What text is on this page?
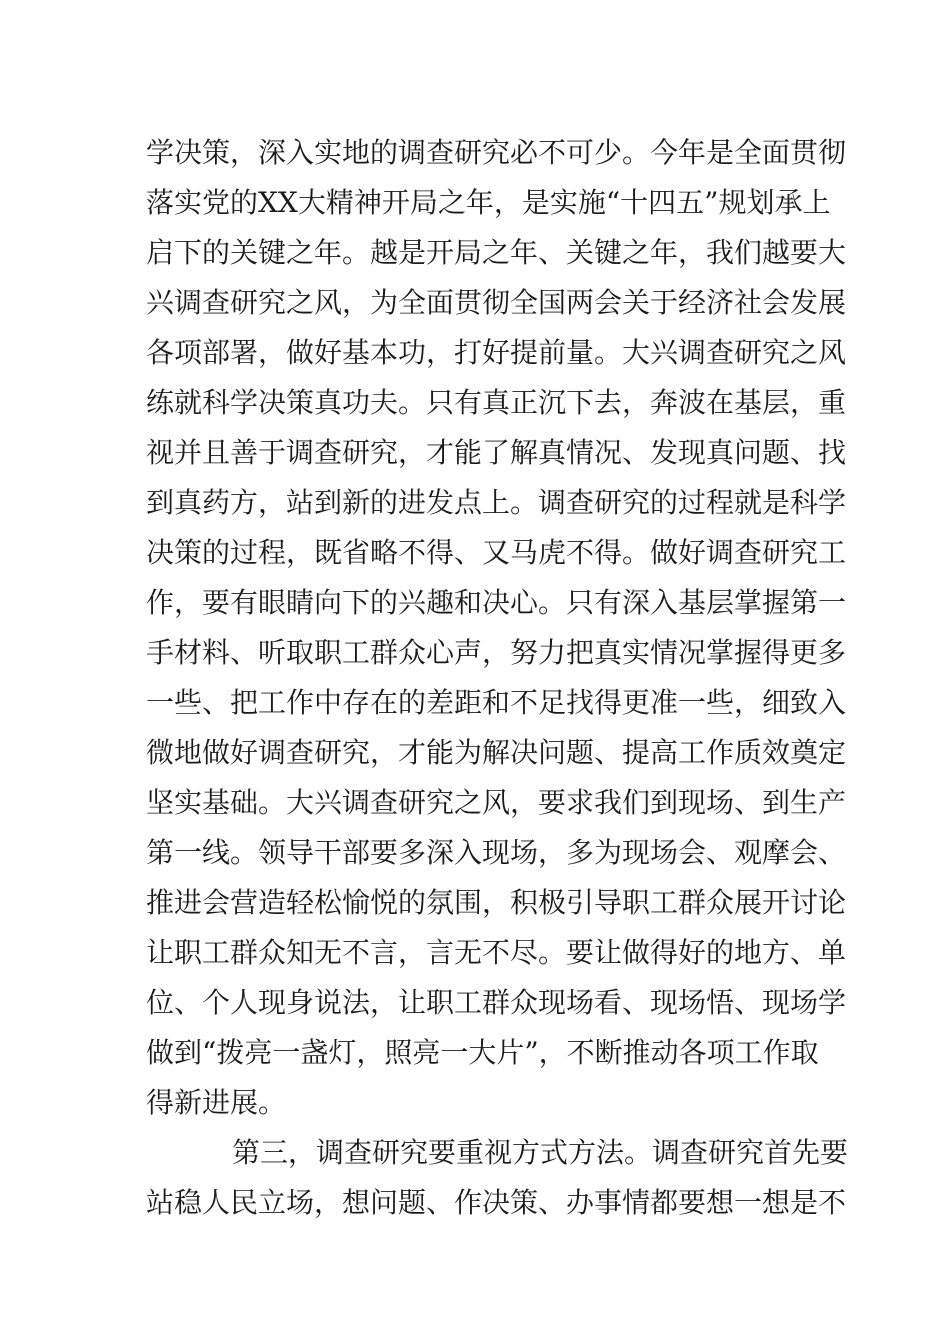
学决策，深入实地的调查研究必不可少。今年是全面贯彻
落实党的XX大精神开局之年，是实施“十四五”规划承上
启下的关键之年。越是开局之年、关键之年，我们越要大
兴调查研究之风，为全面贯彻全国两会关于经济社会发展
各项部署，做好基本功，打好提前量。大兴调查研究之风
练就科学决策真功夫。只有真正沉下去，奔波在基层，重
视并且善于调查研究，才能了解真情况、发现真问题、找
到真药方，站到新的进发点上。调查研究的过程就是科学
决策的过程，既省略不得、又马虎不得。做好调查研究工
作，要有眼睛向下的兴趣和决心。只有深入基层掌握第一
手材料、听取职工群众心声，努力把真实情况掌握得更多
一些、把工作中存在的差距和不足找得更准一些，细致入
微地做好调查研究，才能为解决问题、提高工作质效奠定
坚实基础。大兴调查研究之风，要求我们到现场、到生产
第一线。领导干部要多深入现场，多为现场会、观摩会、
推进会营造轻松愉悦的氛围，积极引导职工群众展开讨论
让职工群众知无不言，言无不尽。要让做得好的地方、单
位、个人现身说法，让职工群众现场看、现场悟、现场学
做到“拨亮一盏灯，照亮一大片”，不断推动各项工作取
得新进展。
第三，调查研究要重视方式方法。调查研究首先要
站稳人民立场，想问题、作决策、办事情都要想一想是不
